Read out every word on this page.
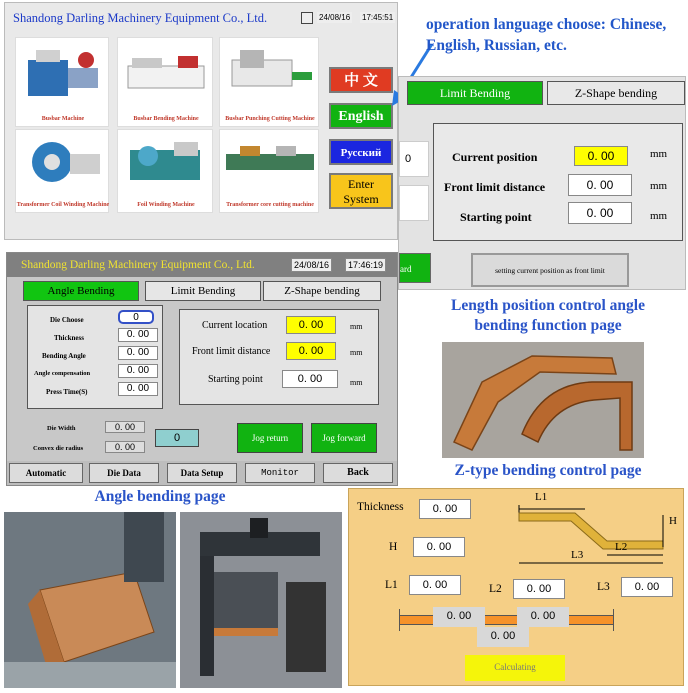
Shandong Darling Machinery Equipment Co., Ltd.	24/08/16 17:45:51
Busbar Machine	Busbar Bending Machine	Busbar Punching Cutting Machine
Transformer Coil Winding Machine	Foil Winding Machine	Transformer core cutting machine
中 文
English
Русский
Enter System
operation language choose: Chinese, English, Russian, etc.
Limit Bending	Z-Shape bending
0	Current position	0. 00	mm
Front limit distance	0. 00	mm
Starting point	0. 00	mm
ard	setting current position as front limit
Shandong Darling Machinery Equipment Co., Ltd.	24/08/16	17:46:19
Angle Bending	Limit Bending	Z-Shape bending
Die Choose	0
Thickness	0. 00
Bending Angle	0. 00
Angle compensation	0. 00
Press Time(S)	0. 00
Current location	0. 00	mm
Front limit distance	0. 00	mm
Starting point	0. 00	mm
Die Width	0. 00
Convex die radius	0. 00
0	Jog return	Jog forward
Automatic	Die Data	Data Setup	Monitor	Back
Length position control angle bending function page
Z-type bending control page
Angle bending page
Thickness	0. 00
H	0. 00
L1	0. 00	L2	0. 00	L3	0. 00
L1
H
L2
L3
0. 00	0. 00
0. 00
Calculating
